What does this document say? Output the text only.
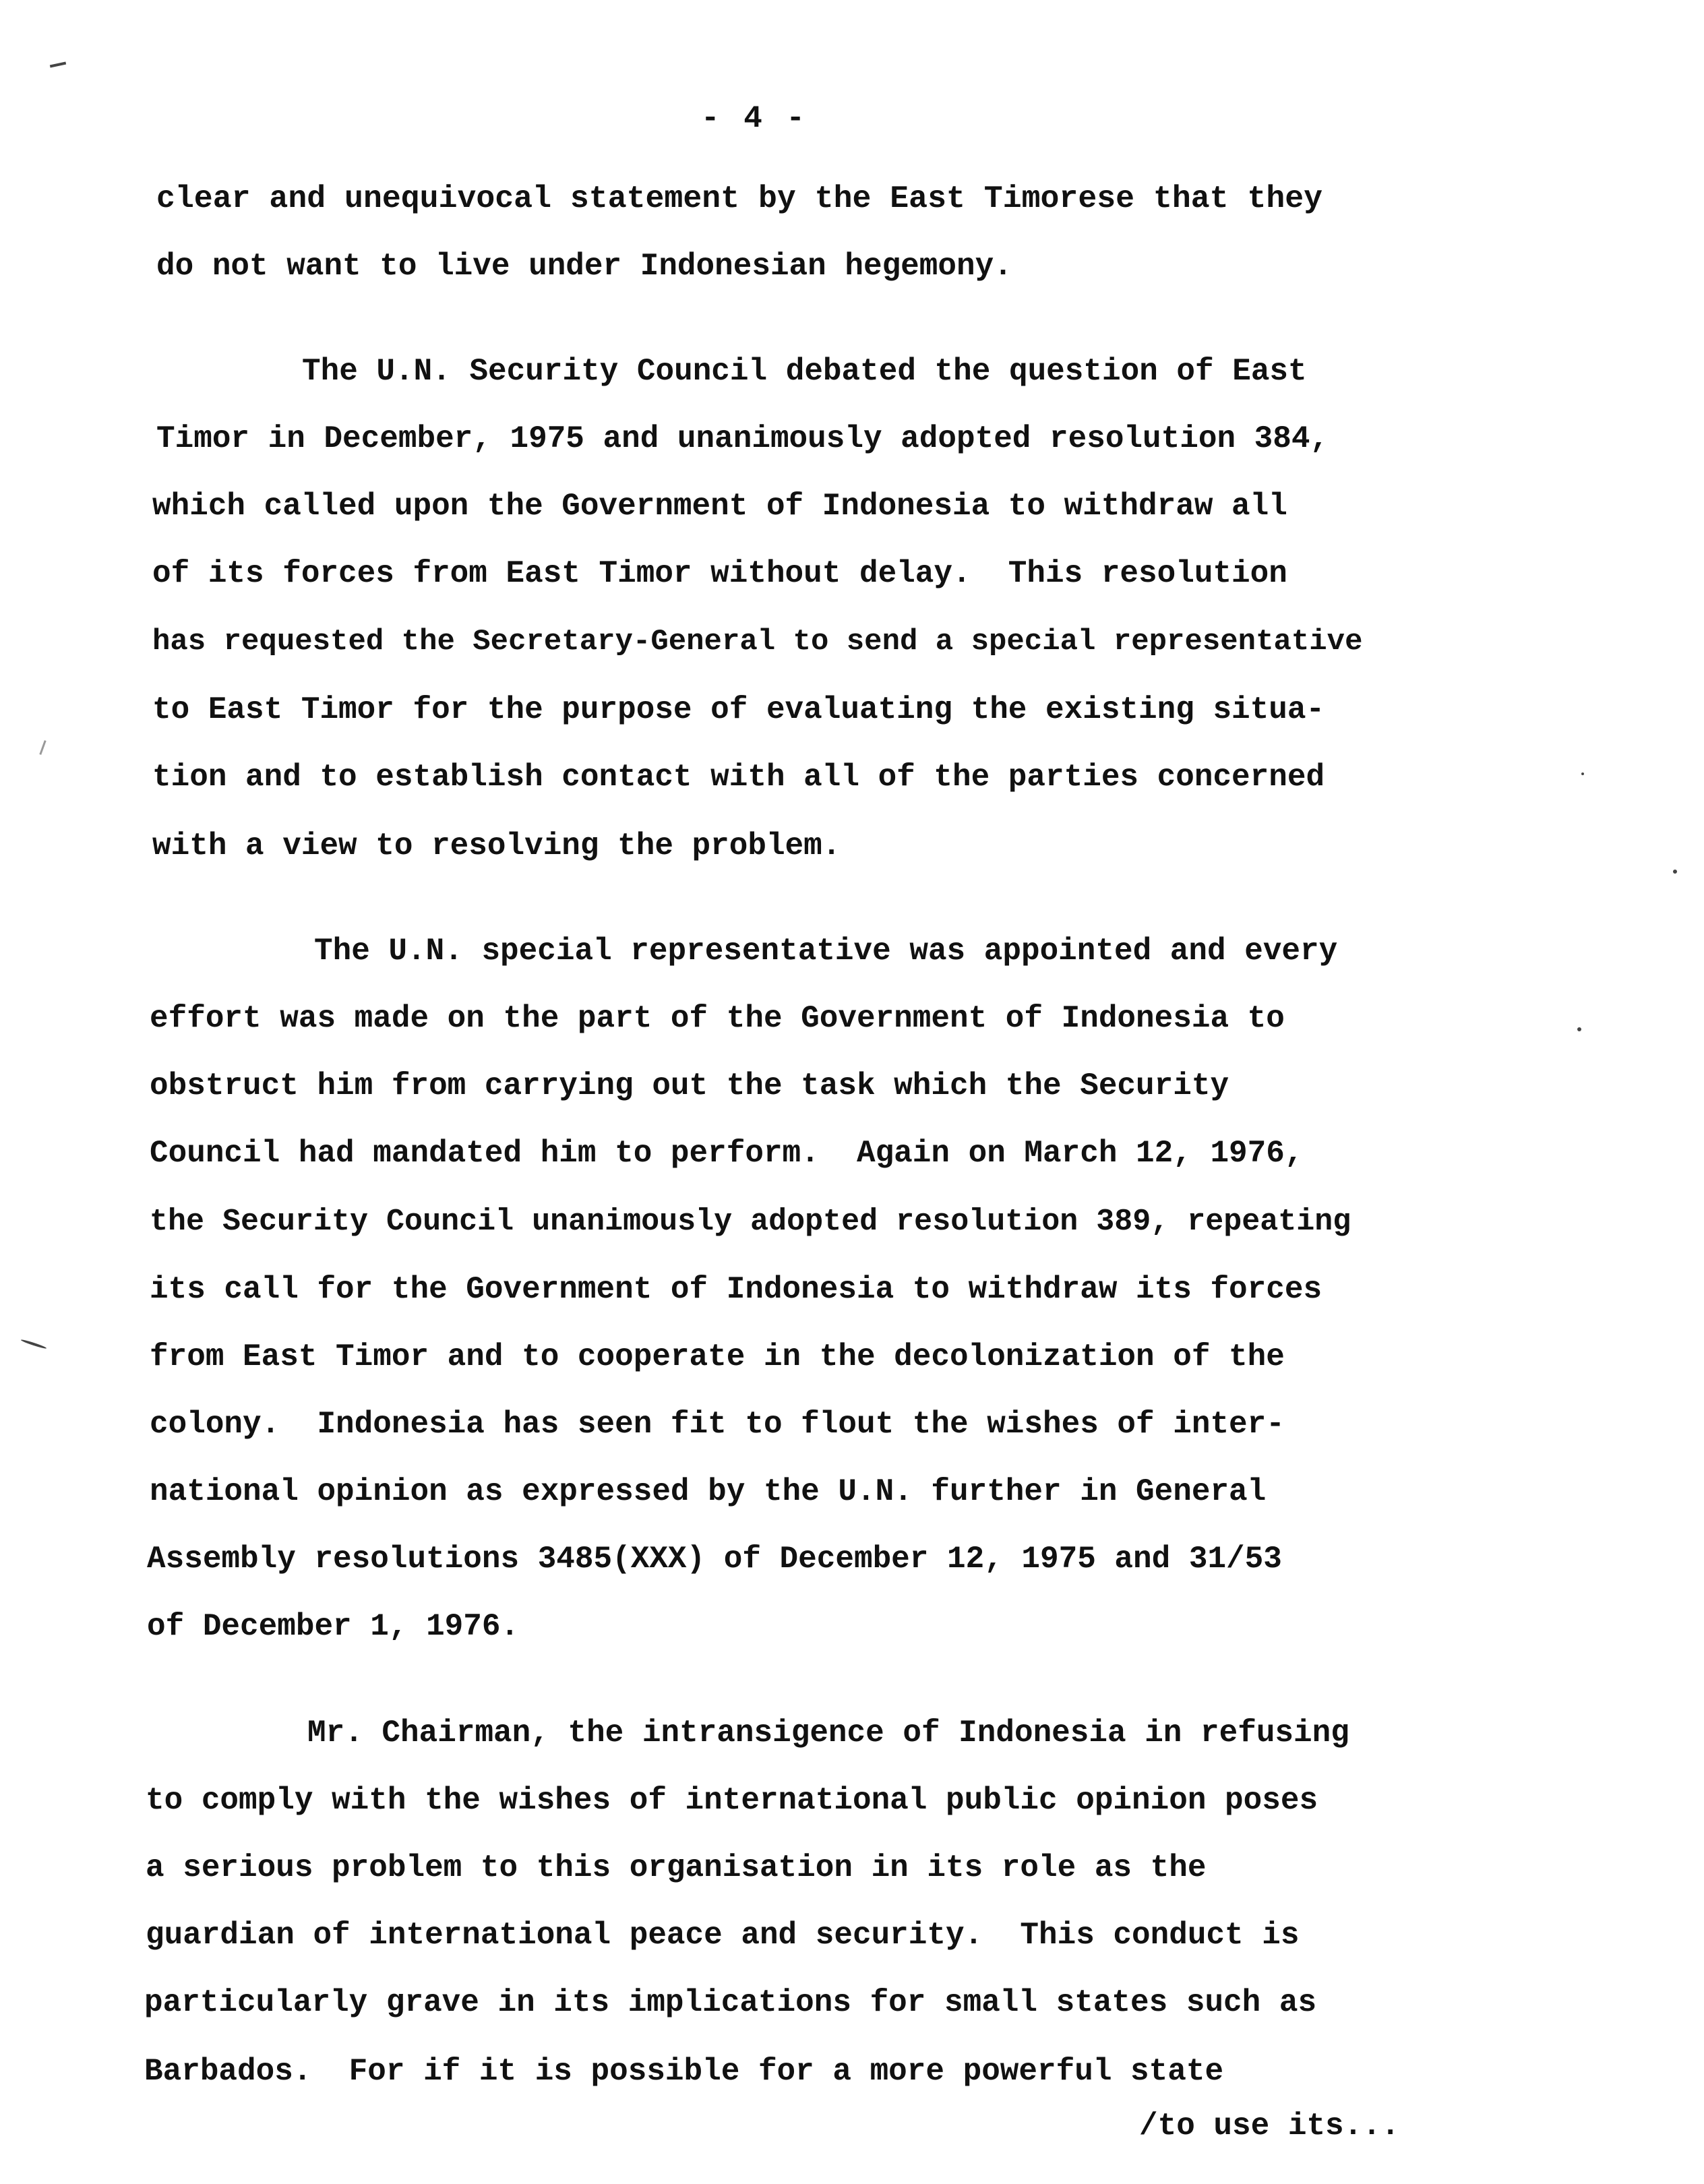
- 4 -
clear and unequivocal statement by the East Timorese that they
do not want to live under Indonesian hegemony.
The U.N. Security Council debated the question of East
Timor in December, 1975 and unanimously adopted resolution 384,
which called upon the Government of Indonesia to withdraw all
of its forces from East Timor without delay.  This resolution
has requested the Secretary-General to send a special representative
to East Timor for the purpose of evaluating the existing situa-
tion and to establish contact with all of the parties concerned
with a view to resolving the problem.
The U.N. special representative was appointed and every
effort was made on the part of the Government of Indonesia to
obstruct him from carrying out the task which the Security
Council had mandated him to perform.  Again on March 12, 1976,
the Security Council unanimously adopted resolution 389, repeating
its call for the Government of Indonesia to withdraw its forces
from East Timor and to cooperate in the decolonization of the
colony.  Indonesia has seen fit to flout the wishes of inter-
national opinion as expressed by the U.N. further in General
Assembly resolutions 3485(XXX) of December 12, 1975 and 31/53
of December 1, 1976.
Mr. Chairman, the intransigence of Indonesia in refusing
to comply with the wishes of international public opinion poses
a serious problem to this organisation in its role as the
guardian of international peace and security.  This conduct is
particularly grave in its implications for small states such as
Barbados.  For if it is possible for a more powerful state
/to use its...
